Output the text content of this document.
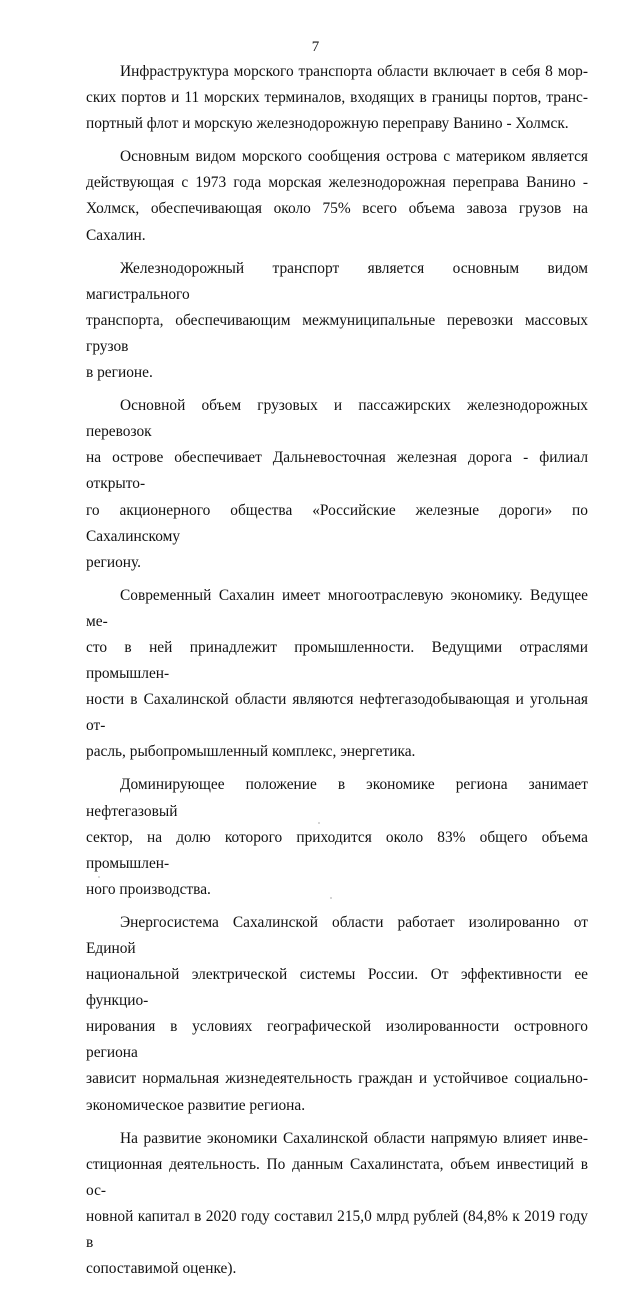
7

Инфраструктура морского транспорта области включает в себя 8 мор-
ских портов и 11 морских терминалов, входящих в границы портов, транс-
портный флот и морскую железнодорожную переправу Ванино - Холмск.

Основным видом морского сообщения острова с материком является
действующая с 1973 года морская железнодорожная переправа Ванино -
Холмск, обеспечивающая около 75% всего объема завоза грузов на Сахалин.

Железнодорожный транспорт является основным видом магистрального
транспорта, обеспечивающим межмуниципальные перевозки массовых грузов
в регионе.

Основной объем грузовых и пассажирских железнодорожных перевозок
на острове обеспечивает Дальневосточная железная дорога - филиал открыто-
го акционерного общества «Российские железные дороги» по Сахалинскому
региону.

Современный Сахалин имеет многоотраслевую экономику. Ведущее ме-
сто в ней принадлежит промышленности. Ведущими отраслями промышлен-
ности в Сахалинской области являются нефтегазодобывающая и угольная от-
расль, рыбопромышленный комплекс, энергетика.

Доминирующее положение в экономике региона занимает нефтегазовый
сектор, на долю которого приходится около 83% общего объема промышлен-
ного производства.

Энергосистема Сахалинской области работает изолированно от Единой
национальной электрической системы России. От эффективности ее функцио-
нирования в условиях географической изолированности островного региона
зависит нормальная жизнедеятельность граждан и устойчивое социально-
экономическое развитие региона.

На развитие экономики Сахалинской области напрямую влияет инве-
стиционная деятельность. По данным Сахалинстата, объем инвестиций в ос-
новной капитал в 2020 году составил 215,0 млрд рублей (84,8% к 2019 году в
сопоставимой оценке).
